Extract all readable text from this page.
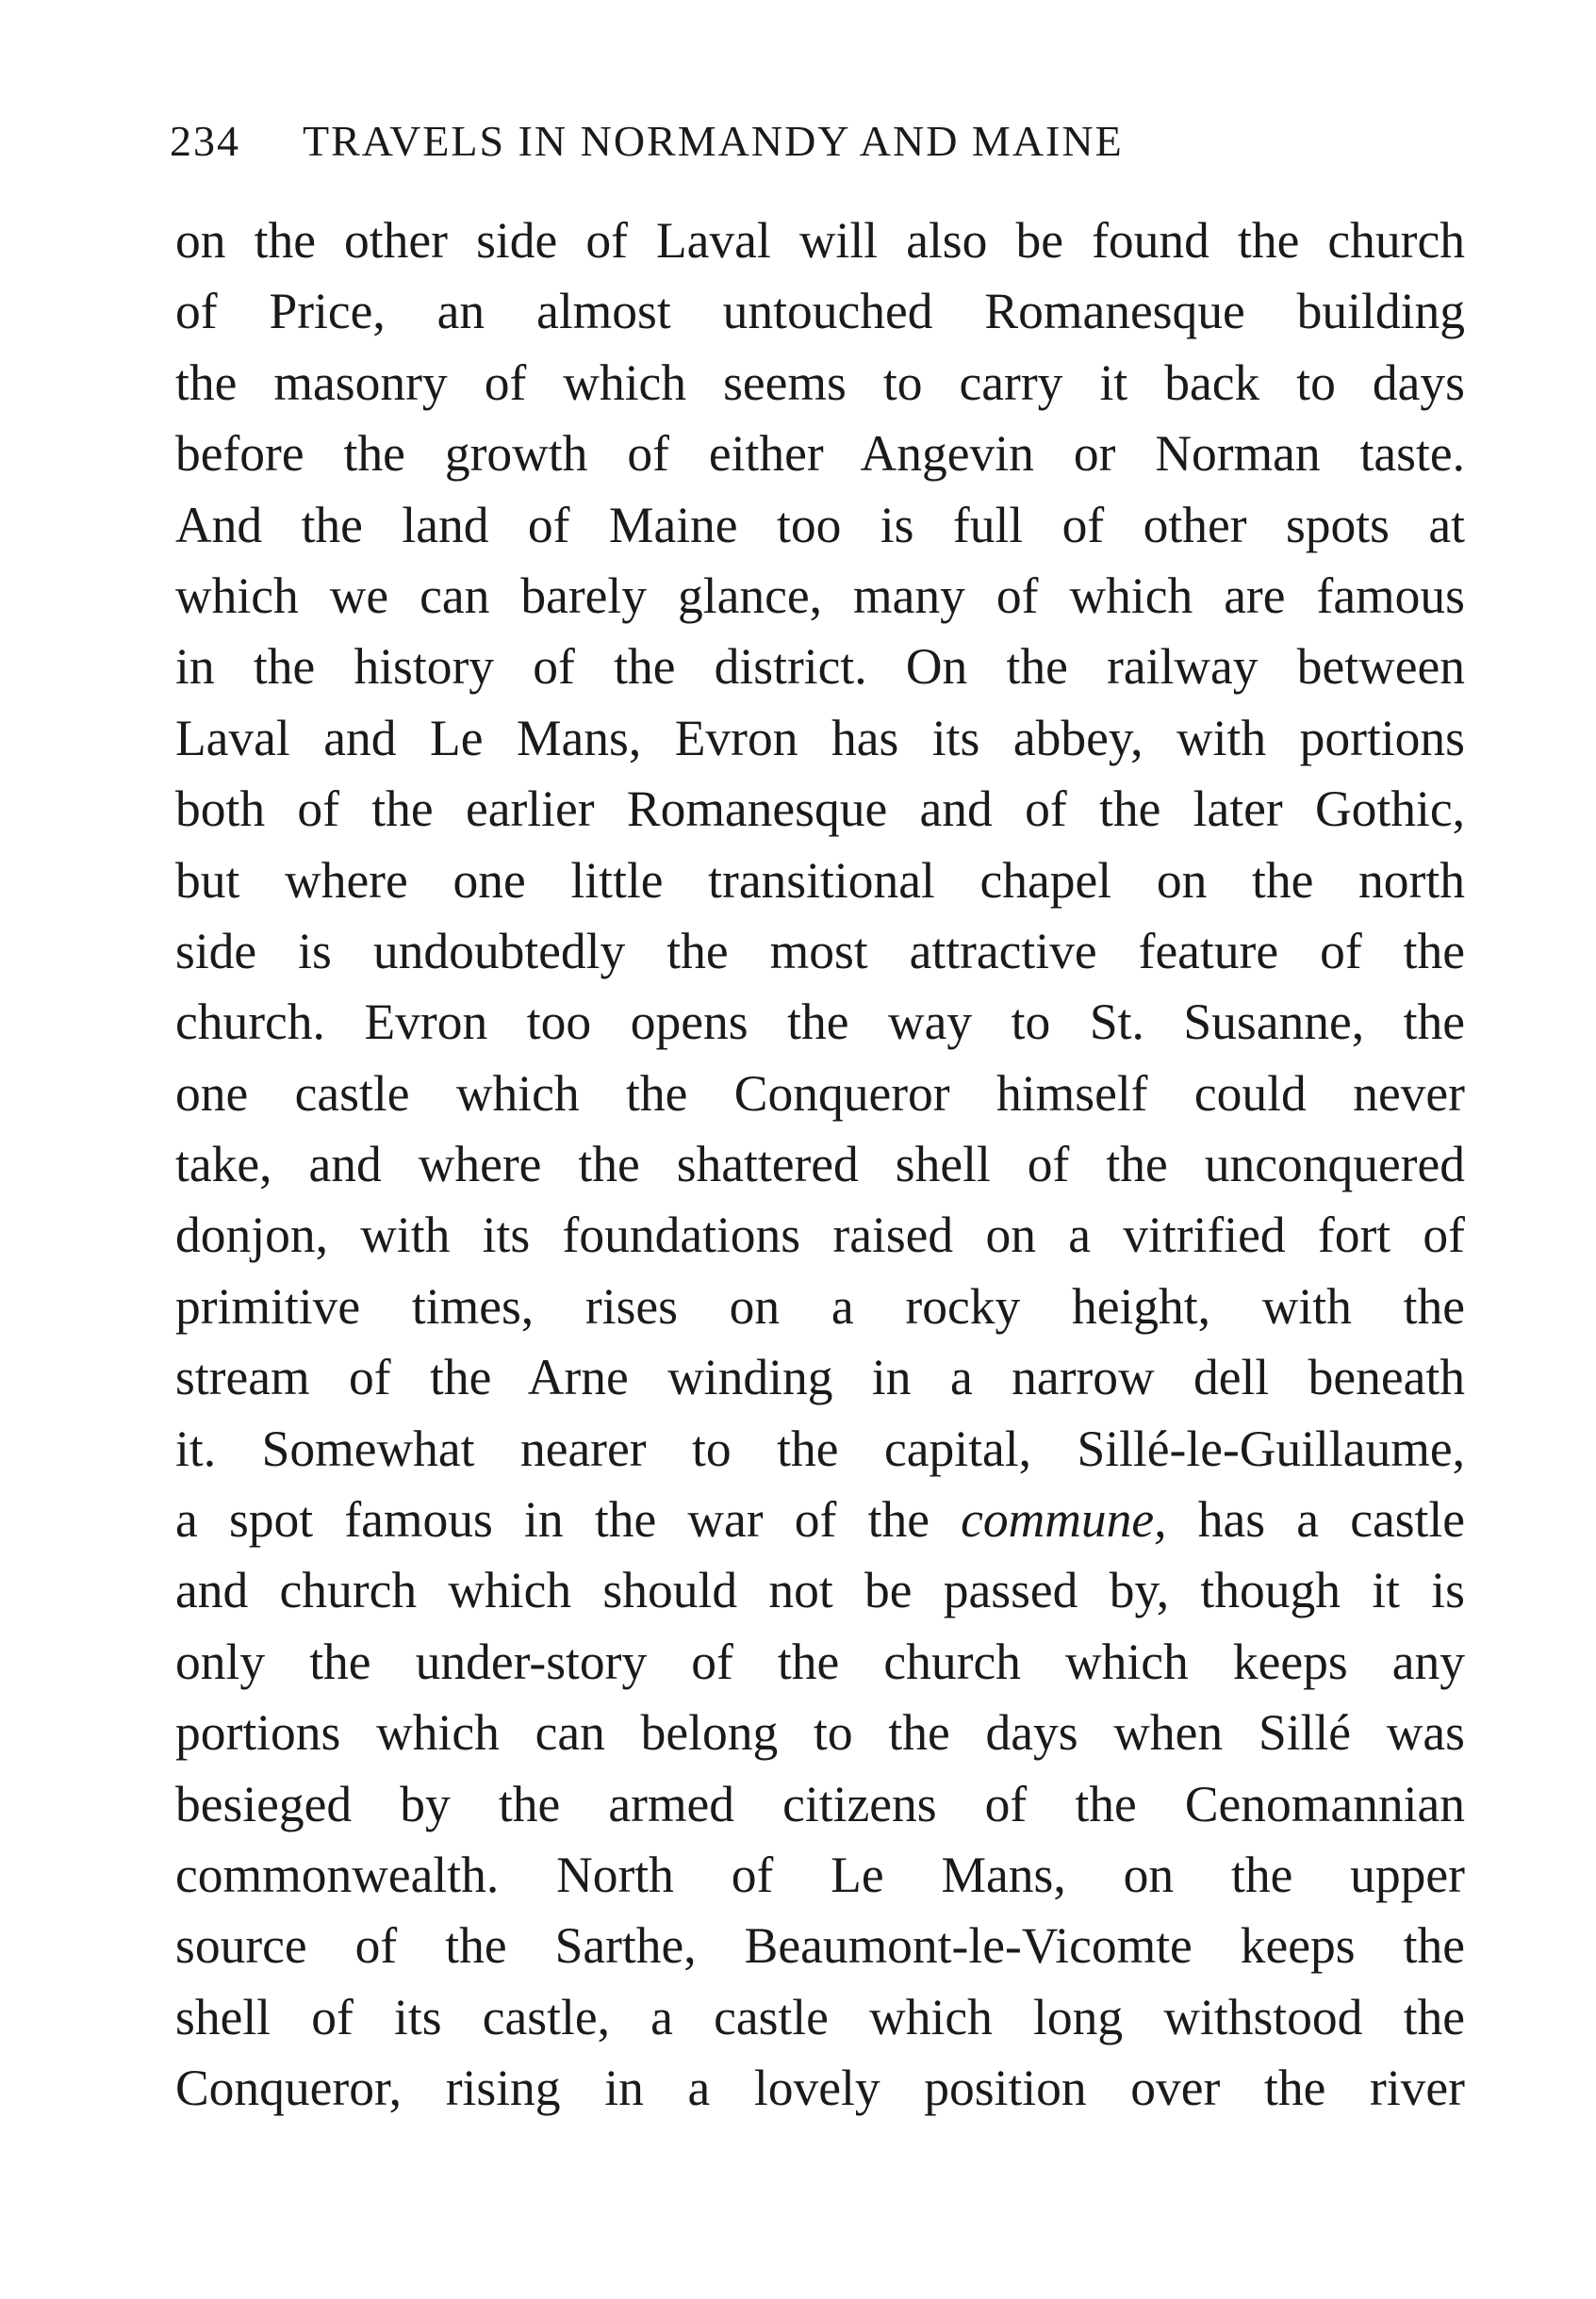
234 TRAVELS IN NORMANDY AND MAINE
on the other side of Laval will also be found the church
of Price, an almost untouched Romanesque building
the masonry of which seems to carry it back to days
before the growth of either Angevin or Norman taste.
And the land of Maine too is full of other spots at
which we can barely glance, many of which are famous
in the history of the district. On the railway between
Laval and Le Mans, Evron has its abbey, with portions
both of the earlier Romanesque and of the later Gothic,
but where one little transitional chapel on the north
side is undoubtedly the most attractive feature of the
church. Evron too opens the way to St. Susanne, the
one castle which the Conqueror himself could never
take, and where the shattered shell of the unconquered
donjon, with its foundations raised on a vitrified fort of
primitive times, rises on a rocky height, with the
stream of the Arne winding in a narrow dell beneath
it. Somewhat nearer to the capital, Sillé-le-Guillaume,
a spot famous in the war of the commune, has a castle
and church which should not be passed by, though it is
only the under-story of the church which keeps any
portions which can belong to the days when Sillé was
besieged by the armed citizens of the Cenomannian
commonwealth. North of Le Mans, on the upper
source of the Sarthe, Beaumont-le-Vicomte keeps the
shell of its castle, a castle which long withstood the
Conqueror, rising in a lovely position over the river
